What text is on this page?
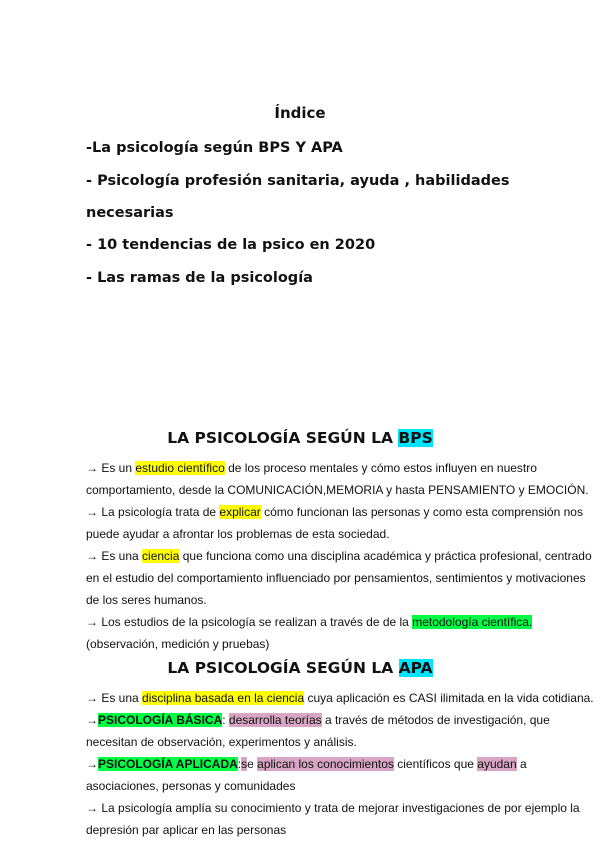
Índice
-La psicología según BPS Y APA
- Psicología profesión sanitaria, ayuda , habilidades
necesarias
- 10 tendencias de la psico en 2020
- Las ramas de la psicología
LA PSICOLOGÍA SEGÚN LA BPS
→ Es un estudio científico de los proceso mentales y cómo estos influyen en nuestro
comportamiento, desde la COMUNICACIÓN,MEMORIA y hasta PENSAMIENTO y EMOCIÓN.
→ La psicología trata de explicar cómo funcionan las personas y como esta comprensión nos
puede ayudar a afrontar los problemas de esta sociedad.
→ Es una ciencia que funciona como una disciplina académica y práctica profesional, centrado
en el estudio del comportamiento influenciado por pensamientos, sentimientos y motivaciones
de los seres humanos.
→ Los estudios de la psicología se realizan a través de de la metodología científica.
(observación, medición y pruebas)
LA PSICOLOGÍA SEGÚN LA APA
→ Es una disciplina basada en la ciencia cuya aplicación es CASI ilimitada en la vida cotidiana.
→PSICOLOGÍA BÁSICA: desarrolla teorías a través de métodos de investigación, que
necesitan de observación, experimentos y análisis.
→PSICOLOGÍA APLICADA:se aplican los conocimientos científicos que ayudan a
asociaciones, personas y comunidades
→ La psicología amplía su conocimiento y trata de mejorar investigaciones de por ejemplo la
depresión par aplicar en las personas
